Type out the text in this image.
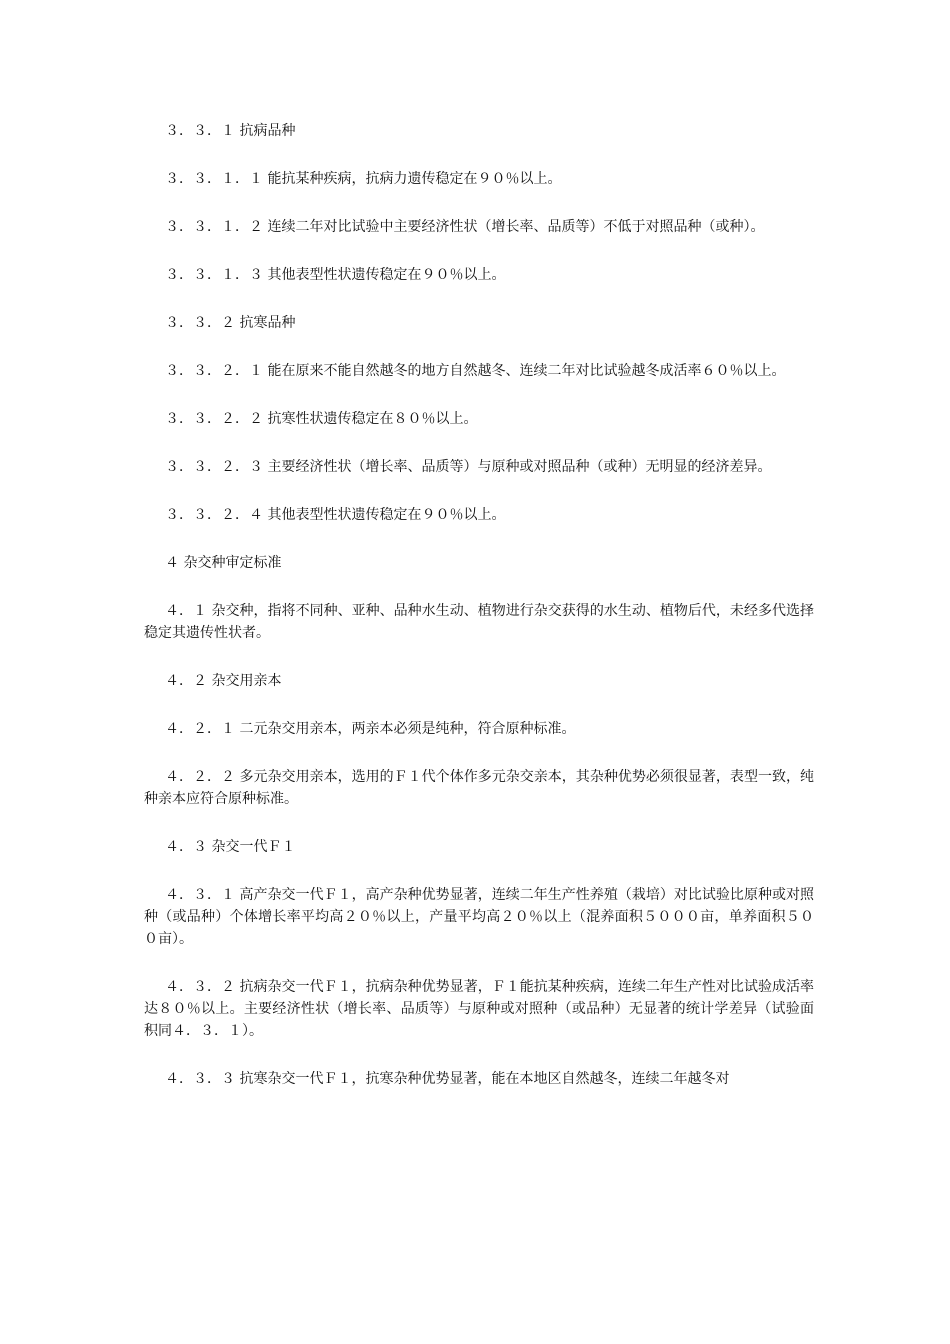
３．３．１ 抗病品种

３．３．１．１ 能抗某种疾病，抗病力遗传稳定在９０％以上。

３．３．１．２ 连续二年对比试验中主要经济性状（增长率、品质等）不低于对照品种（或种）。

３．３．１．３ 其他表型性状遗传稳定在９０％以上。

３．３．２ 抗寒品种

３．３．２．１ 能在原来不能自然越冬的地方自然越冬、连续二年对比试验越冬成活率６０％以上。

３．３．２．２ 抗寒性状遗传稳定在８０％以上。

３．３．２．３ 主要经济性状（增长率、品质等）与原种或对照品种（或种）无明显的经济差异。

３．３．２．４ 其他表型性状遗传稳定在９０％以上。

４ 杂交种审定标准

４．１ 杂交种，指将不同种、亚种、品种水生动、植物进行杂交获得的水生动、植物后代，未经多代选择稳定其遗传性状者。

４．２ 杂交用亲本

４．２．１ 二元杂交用亲本，两亲本必须是纯种，符合原种标准。

４．２．２ 多元杂交用亲本，选用的Ｆ１代个体作多元杂交亲本，其杂种优势必须很显著，表型一致，纯种亲本应符合原种标准。

４．３ 杂交一代Ｆ１

４．３．１ 高产杂交一代Ｆ１，高产杂种优势显著，连续二年生产性养殖（栽培）对比试验比原种或对照种（或品种）个体增长率平均高２０％以上，产量平均高２０％以上（混养面积５０００亩，单养面积５００亩）。

４．３．２ 抗病杂交一代Ｆ１，抗病杂种优势显著，Ｆ１能抗某种疾病，连续二年生产性对比试验成活率达８０％以上。主要经济性状（增长率、品质等）与原种或对照种（或品种）无显著的统计学差异（试验面积同４．３．１）。

４．３．３ 抗寒杂交一代Ｆ１，抗寒杂种优势显著，能在本地区自然越冬，连续二年越冬对
